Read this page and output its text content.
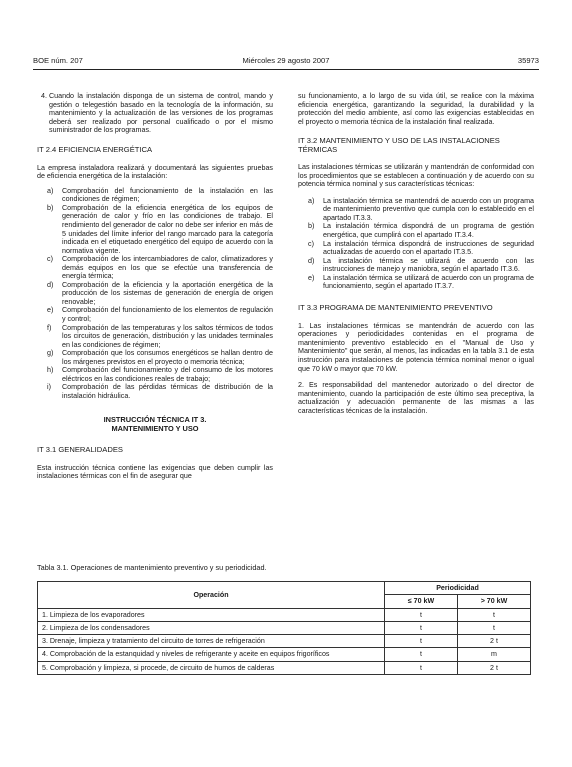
BOE núm. 207	Miércoles 29 agosto 2007	35973
4. Cuando la instalación disponga de un sistema de control, mando y gestión o telegestión basado en la tecnología de la información, su mantenimiento y la actualización de las versiones de los programas deberá ser realizado por personal cualificado o por el mismo suministrador de los programas.
IT 2.4 EFICIENCIA ENERGÉTICA

La empresa instaladora realizará y documentará las siguientes pruebas de eficiencia energética de la instalación:

a) Comprobación del funcionamiento de la instalación en las condiciones de régimen;
b) Comprobación de la eficiencia energética de los equipos de generación de calor y frío en las condiciones de trabajo. El rendimiento del generador de calor no debe ser inferior en más de 5 unidades del límite inferior del rango marcado para la categoría indicada en el etiquetado energético del equipo de acuerdo con la normativa vigente.
c) Comprobación de los intercambiadores de calor, climatizadores y demás equipos en los que se efectúe una transferencia de energía térmica;
d) Comprobación de la eficiencia y la aportación energética de la producción de los sistemas de generación de energía de origen renovable;
e) Comprobación del funcionamiento de los elementos de regulación y control;
f) Comprobación de las temperaturas y los saltos térmicos de todos los circuitos de generación, distribución y las unidades terminales en las condiciones de régimen;
g) Comprobación que los consumos energéticos se hallan dentro de los márgenes previstos en el proyecto o memoria técnica;
h) Comprobación del funcionamiento y del consumo de los motores eléctricos en las condiciones reales de trabajo;
i) Comprobación de las pérdidas térmicas de distribución de la instalación hidráulica.
INSTRUCCIÓN TÉCNICA IT 3.
MANTENIMIENTO Y USO
IT 3.1 GENERALIDADES

Esta instrucción técnica contiene las exigencias que deben cumplir las instalaciones térmicas con el fin de asegurar que

su funcionamiento, a lo largo de su vida útil, se realice con la máxima eficiencia energética, garantizando la seguridad, la durabilidad y la protección del medio ambiente, así como las exigencias establecidas en el proyecto o memoria técnica de la instalación final realizada.

IT 3.2 MANTENIMIENTO Y USO DE LAS INSTALACIONES TÉRMICAS

Las instalaciones térmicas se utilizarán y mantendrán de conformidad con los procedimientos que se establecen a continuación y de acuerdo con su potencia térmica nominal y sus características técnicas:

a) La instalación térmica se mantendrá de acuerdo con un programa de mantenimiento preventivo que cumpla con lo establecido en el apartado IT.3.3.
b) La instalación térmica dispondrá de un programa de gestión energética, que cumplirá con el apartado IT.3.4.
c) La instalación térmica dispondrá de instrucciones de seguridad actualizadas de acuerdo con el apartado IT.3.5.
d) La instalación térmica se utilizará de acuerdo con las instrucciones de manejo y maniobra, según el apartado IT.3.6.
e) La instalación térmica se utilizará de acuerdo con un programa de funcionamiento, según el apartado IT.3.7.
IT 3.3 PROGRAMA DE MANTENIMIENTO PREVENTIVO

1. Las instalaciones térmicas se mantendrán de acuerdo con las operaciones y periodicidades contenidas en el programa de mantenimiento preventivo establecido en el "Manual de Uso y Mantenimiento" que serán, al menos, las indicadas en la tabla 3.1 de esta instrucción para instalaciones de potencia térmica nominal menor o igual que 70 kW o mayor que 70 kW.

2. Es responsabilidad del mantenedor autorizado o del director de mantenimiento, cuando la participación de este último sea preceptiva, la actualización y adecuación permanente de las mismas a las características técnicas de la instalación.

Tabla 3.1. Operaciones de mantenimiento preventivo y su periodicidad.
Operación	Periodicidad	
	≤ 70 kW	> 70 kW
1. Limpieza de los evaporadores	t	t
2. Limpieza de los condensadores	t	t
3. Drenaje, limpieza y tratamiento del circuito de torres de refrigeración	t	2 t
4. Comprobación de la estanquidad y niveles de refrigerante y aceite en equipos frigoríficos	t	m
5. Comprobación y limpieza, si procede, de circuito de humos de calderas	t	2 t
